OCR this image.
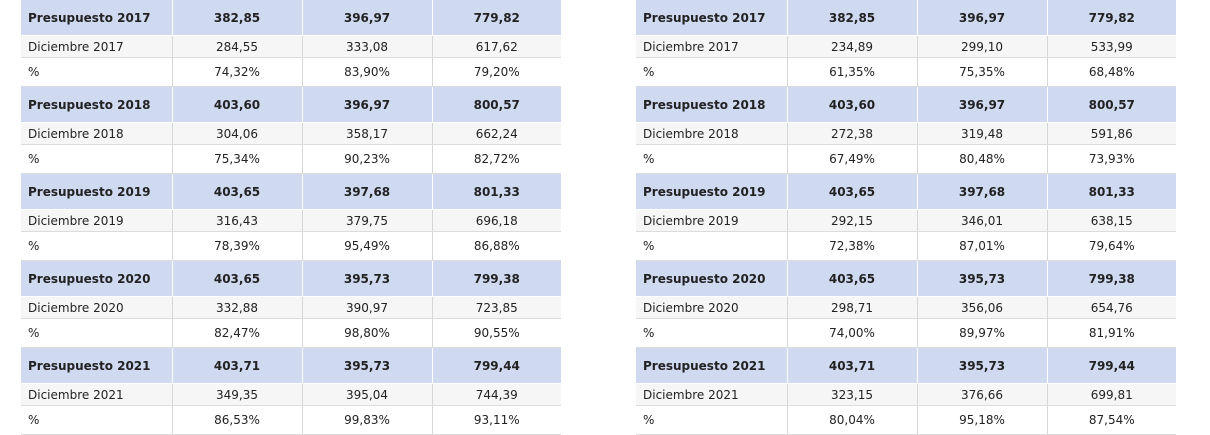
Presupuesto 2017	382,85	396,97	779,82
Diciembre 2017	284,55	333,08	617,62
%	74,32%	83,90%	79,20%
Presupuesto 2018	403,60	396,97	800,57
Diciembre 2018	304,06	358,17	662,24
%	75,34%	90,23%	82,72%
Presupuesto 2019	403,65	397,68	801,33
Diciembre 2019	316,43	379,75	696,18
%	78,39%	95,49%	86,88%
Presupuesto 2020	403,65	395,73	799,38
Diciembre 2020	332,88	390,97	723,85
%	82,47%	98,80%	90,55%
Presupuesto 2021	403,71	395,73	799,44
Diciembre 2021	349,35	395,04	744,39
%	86,53%	99,83%	93,11%
Presupuesto 2017	382,85	396,97	779,82
Diciembre 2017	234,89	299,10	533,99
%	61,35%	75,35%	68,48%
Presupuesto 2018	403,60	396,97	800,57
Diciembre 2018	272,38	319,48	591,86
%	67,49%	80,48%	73,93%
Presupuesto 2019	403,65	397,68	801,33
Diciembre 2019	292,15	346,01	638,15
%	72,38%	87,01%	79,64%
Presupuesto 2020	403,65	395,73	799,38
Diciembre 2020	298,71	356,06	654,76
%	74,00%	89,97%	81,91%
Presupuesto 2021	403,71	395,73	799,44
Diciembre 2021	323,15	376,66	699,81
%	80,04%	95,18%	87,54%
